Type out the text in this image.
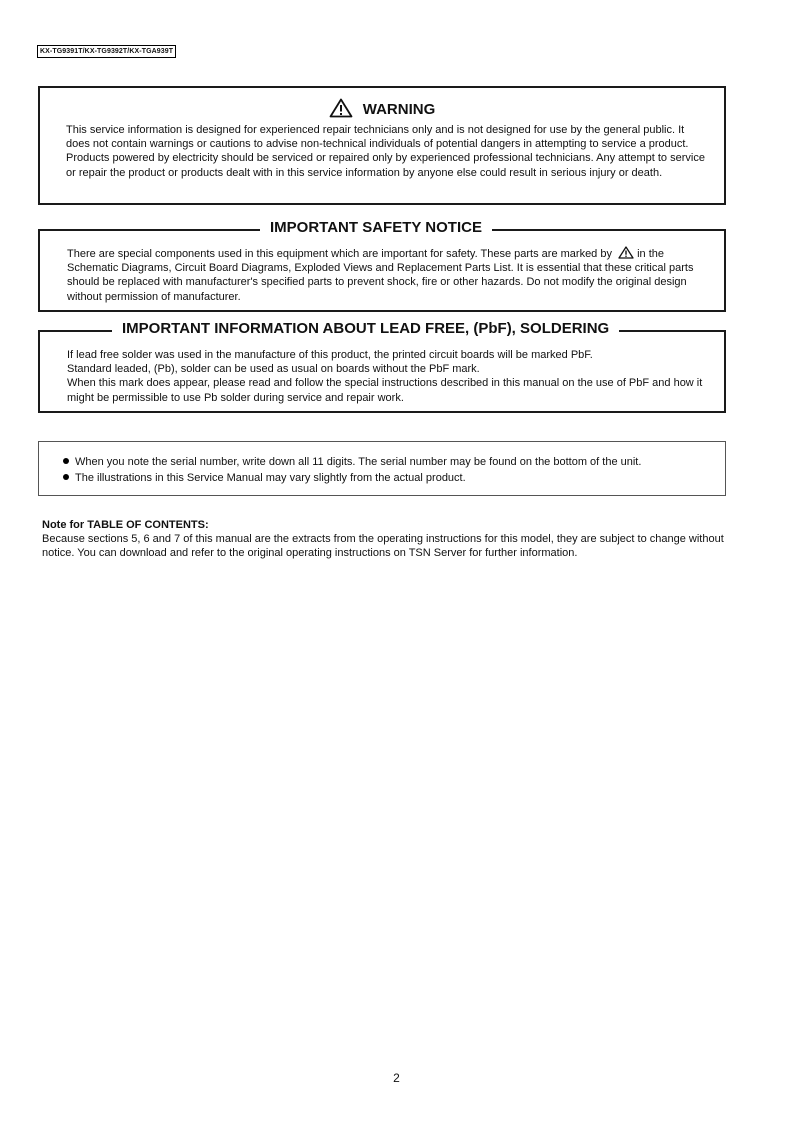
KX-TG9391T/KX-TG9392T/KX-TGA939T
WARNING
This service information is designed for experienced repair technicians only and is not designed for use by the general public. It does not contain warnings or cautions to advise non-technical individuals of potential dangers in attempting to service a product. Products powered by electricity should be serviced or repaired only by experienced professional technicians. Any attempt to service or repair the product or products dealt with in this service information by anyone else could result in serious injury or death.
IMPORTANT SAFETY NOTICE
There are special components used in this equipment which are important for safety. These parts are marked by in the Schematic Diagrams, Circuit Board Diagrams, Exploded Views and Replacement Parts List. It is essential that these critical parts should be replaced with manufacturer's specified parts to prevent shock, fire or other hazards. Do not modify the original design without permission of manufacturer.
IMPORTANT INFORMATION ABOUT LEAD FREE, (PbF), SOLDERING
If lead free solder was used in the manufacture of this product, the printed circuit boards will be marked PbF.
Standard leaded, (Pb), solder can be used as usual on boards without the PbF mark.
When this mark does appear, please read and follow the special instructions described in this manual on the use of PbF and how it might be permissible to use Pb solder during service and repair work.
When you note the serial number, write down all 11 digits. The serial number may be found on the bottom of the unit.
The illustrations in this Service Manual may vary slightly from the actual product.
Note for TABLE OF CONTENTS:
Because sections 5, 6 and 7 of this manual are the extracts from the operating instructions for this model, they are subject to change without notice. You can download and refer to the original operating instructions on TSN Server for further information.
2
